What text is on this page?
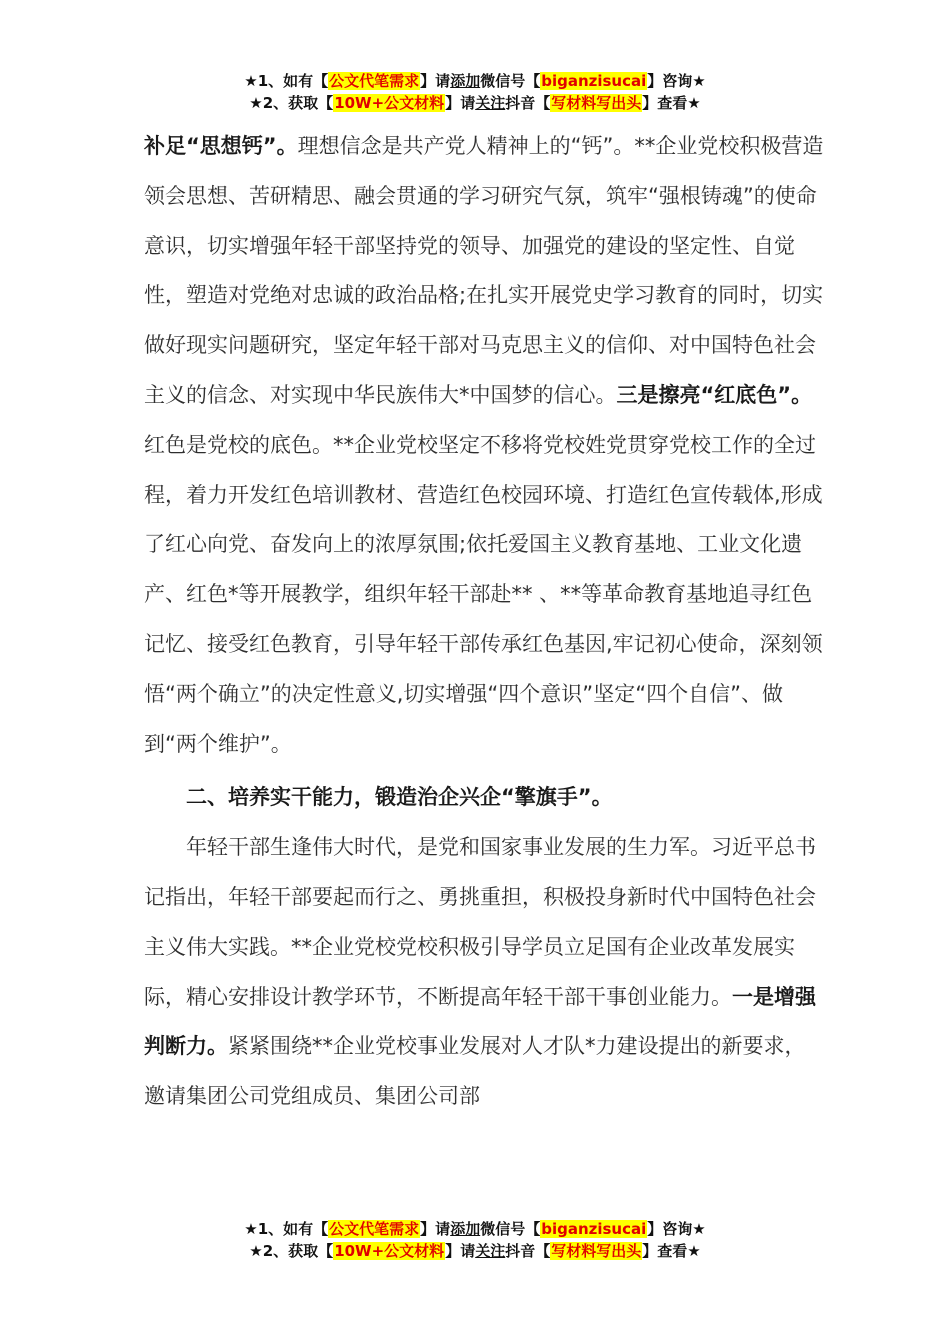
★1、如有【公文代笔需求】请添加微信号【biganzisucai】咨询★
★2、获取【10W+公文材料】请关注抖音【写材料写出头】查看★

补足“思想钙”。理想信念是共产党人精神上的“钙”。**企业党校积极营造领会思想、苦研精思、融会贯通的学习研究气氛，筑牢“强根铸魂”的使命意识，切实增强年轻干部坚持党的领导、加强党的建设的坚定性、自觉性，塑造对党绝对忠诚的政治品格;在扎实开展党史学习教育的同时，切实做好现实问题研究，坚定年轻干部对马克思主义的信仰、对中国特色社会主义的信念、对实现中华民族伟大*中国梦的信心。三是擦亮“红底色”。红色是党校的底色。**企业党校坚定不移将党校姓党贯穿党校工作的全过程，着力开发红色培训教材、营造红色校园环境、打造红色宣传载体,形成了红心向党、奋发向上的浓厚氛围;依托爱国主义教育基地、工业文化遗产、红色*等开展教学，组织年轻干部赴** 、**等革命教育基地追寻红色记忆、接受红色教育，引导年轻干部传承红色基因,牢记初心使命，深刻领悟“两个确立”的决定性意义,切实增强“四个意识”坚定“四个自信”、做到“两个维护”。

二、培养实干能力，锻造治企兴企“擎旗手”。

年轻干部生逢伟大时代，是党和国家事业发展的生力军。习近平总书记指出，年轻干部要起而行之、勇挑重担，积极投身新时代中国特色社会主义伟大实践。**企业党校党校积极引导学员立足国有企业改革发展实际，精心安排设计教学环节，不断提高年轻干部干事创业能力。一是增强判断力。紧紧围绕**企业党校事业发展对人才队*力建设提出的新要求，邀请集团公司党组成员、集团公司部

★1、如有【公文代笔需求】请添加微信号【biganzisucai】咨询★
★2、获取【10W+公文材料】请关注抖音【写材料写出头】查看★
